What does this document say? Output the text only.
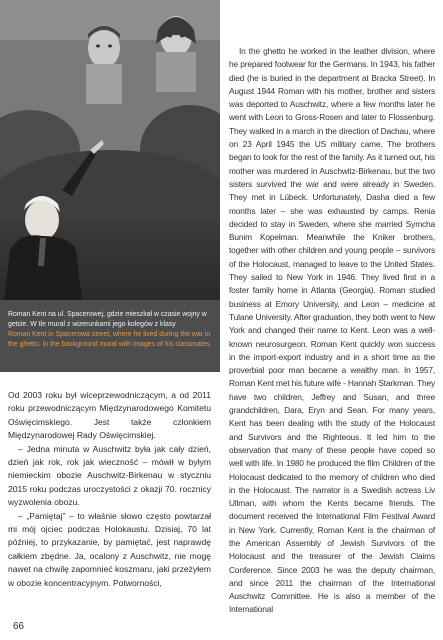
Roman Kent na ul. Spacerowej, gdzie mieszkał w czasie wojny w getcie. W tle mural z wizerunkami jego kolegów z klasy
Roman Kent in Spacerowa street, where he lived during the war in the ghetto. In the background mural with images of his classmates

Od 2003 roku był wiceprzewodniczącym, a od 2011 roku przewodniczącym Międzynarodowego Komitetu Oświęcimskiego. Jest także członkiem Międzynarodowej Rady Oświęcimskiej.

– Jedna minuta w Auschwitz była jak cały dzień, dzień jak rok, rok jak wieczność – mówił w byłym niemieckim obozie Auschwitz-Birkenau w styczniu 2015 roku podczas uroczystości z okazji 70. rocznicy wyzwolenia obozu.

– „Pamiętaj” – to właśnie słowo często powtarzał mi mój ojciec podczas Holokaustu. Dzisiaj, 70 lat później, to przykazanie, by pamiętać, jest naprawdę całkiem zbędne. Ja, ocalony z Auschwitz, nie mogę nawet na chwilę zapomnieć koszmaru, jaki przeżyłem w obozie koncentracyjnym. Potworności,

In the ghetto he worked in the leather division, where he prepared footwear for the Germans. In 1943, his father died (he is buried in the department at Bracka Street). In August 1944 Roman with his mother, brother and sisters was deported to Auschwitz, where a few months later he went with Leon to Gross-Rosen and later to Flossenburg. They walked in a march in the direction of Dachau, where on 23 April 1945 the US military came. The brothers began to look for the rest of the family. As it turned out, his mother was murdered in Auschwitz-Birkenau, but the two sisters survived the war and were already in Sweden. They met in Lübeck. Unfortunately, Dasha died a few months later – she was exhausted by camps. Renia decided to stay in Sweden, where she married Symcha Bunim Kopelman. Meanwhile the Kniker brothers, together with other children and young people – survivors of the Holocaust, managed to leave to the United States. They sailed to New York in 1946. They lived first in a foster family home in Atlanta (Georgia). Roman studied business at Emory University, and Leon – medicine at Tulane University. After graduation, they both went to New York and changed their name to Kent. Leon was a well-known neurosurgeon. Roman Kent quickly won success in the import-export industry and in a short time as the proverbial poor man became a wealthy man. In 1957, Roman Kent met his future wife - Hannah Starkman. They have two children, Jeffrey and Susan, and three grandchildren, Dara, Eryn and Sean. For many years, Kent has been dealing with the study of the Holocaust and Survivors and the Righteous. It led him to the observation that many of these people have coped so well with life. In 1980 he produced the film Children of the Holocaust dedicated to the memory of children who died in the Holocaust. The narrator is a Swedish actress Liv Ullman, with whom the Kents became friends. The document received the International Film Festival Award in New York. Currently, Roman Kent is the chairman of the American Assembly of Jewish Survivors of the Holocaust and the treasurer of the Jewish Claims Conference. Since 2003 he was the deputy chairman, and since 2011 the chairman of the International Auschwitz Committee. He is also a member of the International

66
